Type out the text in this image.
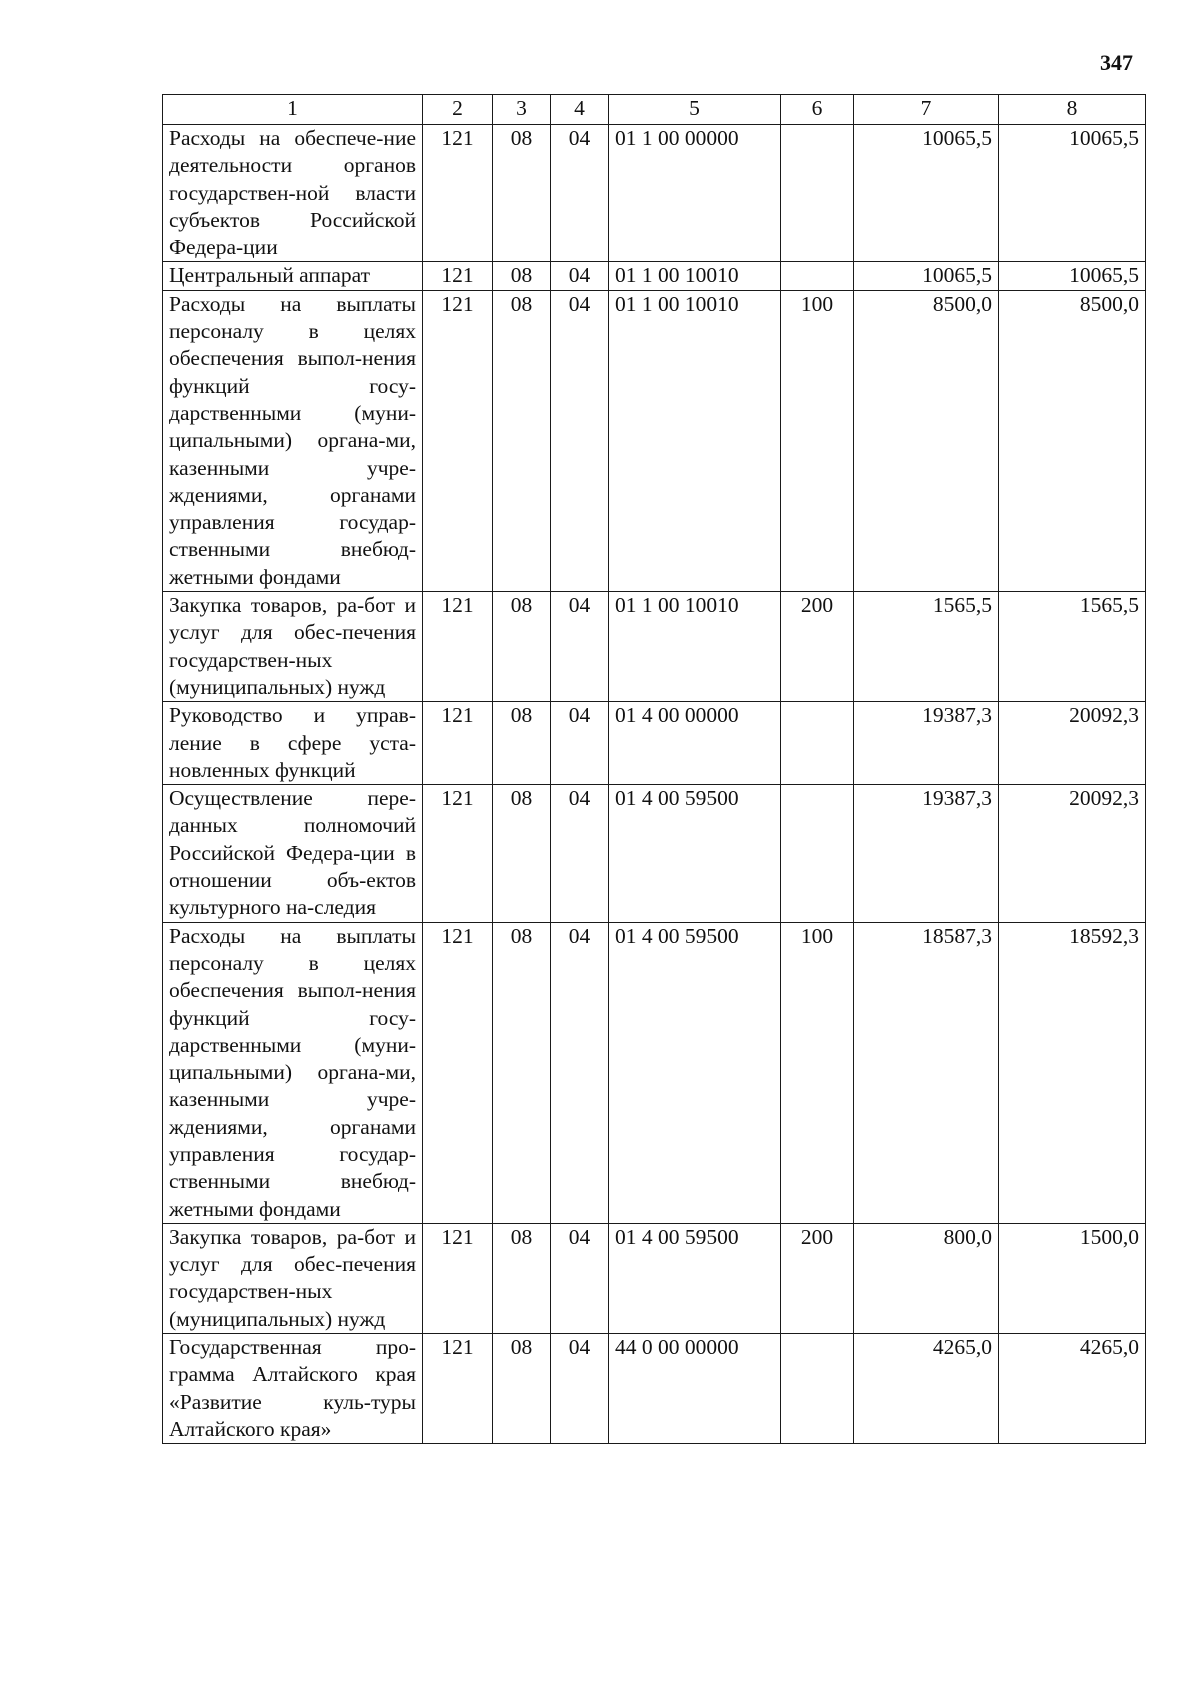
347
1	2	3	4	5	6	7	8
Расходы на обеспече-ние деятельности органов государствен-ной власти субъектов Российской Федера-ции	121	08	04	01 1 00 00000		10065,5	10065,5
Центральный аппарат	121	08	04	01 1 00 10010		10065,5	10065,5
Расходы на выплаты персоналу в целях обеспечения выпол-нения функций госу-дарственными (муни-ципальными) органа-ми, казенными учре-ждениями, органами управления государ-ственными внебюд-жетными фондами	121	08	04	01 1 00 10010	100	8500,0	8500,0
Закупка товаров, ра-бот и услуг для обес-печения государствен-ных (муниципальных) нужд	121	08	04	01 1 00 10010	200	1565,5	1565,5
Руководство и управ-ление в сфере уста-новленных функций	121	08	04	01 4 00 00000		19387,3	20092,3
Осуществление пере-данных полномочий Российской Федера-ции в отношении объ-ектов культурного на-следия	121	08	04	01 4 00 59500		19387,3	20092,3
Расходы на выплаты персоналу в целях обеспечения выпол-нения функций госу-дарственными (муни-ципальными) органа-ми, казенными учре-ждениями, органами управления государ-ственными внебюд-жетными фондами	121	08	04	01 4 00 59500	100	18587,3	18592,3
Закупка товаров, ра-бот и услуг для обес-печения государствен-ных (муниципальных) нужд	121	08	04	01 4 00 59500	200	800,0	1500,0
Государственная про-грамма Алтайского края «Развитие куль-туры Алтайского края»	121	08	04	44 0 00 00000		4265,0	4265,0
